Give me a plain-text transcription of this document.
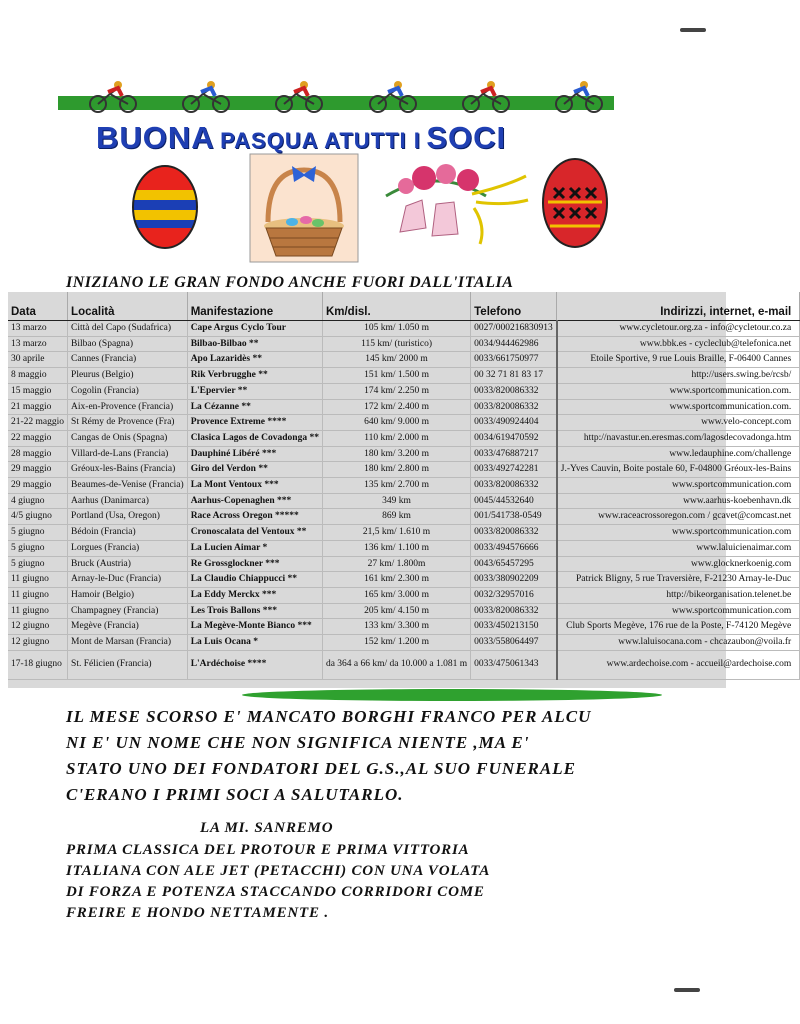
BUONA PASQUA ATUTTI I SOCI
INIZIANO LE GRAN FONDO ANCHE FUORI DALL'ITALIA
Data	Località	Manifestazione	Km/disl.	Telefono	Indirizzi, internet, e-mail
13 marzo	Città del Capo (Sudafrica)	Cape Argus Cyclo Tour	105 km/ 1.050 m	0027/000216830913	www.cycletour.org.za - info@cycletour.co.za
13 marzo	Bilbao (Spagna)	Bilbao-Bilbao **	115 km/ (turistico)	0034/944462986	www.bbk.es - cycleclub@telefonica.net
30 aprile	Cannes (Francia)	Apo Lazaridès **	145 km/ 2000 m	0033/661750977	Etoile Sportive, 9 rue Louis Braille, F-06400 Cannes
8 maggio	Pleurus (Belgio)	Rik Verbrugghe **	151 km/ 1.500 m	00 32 71 81 83 17	http://users.swing.be/rcsb/
15 maggio	Cogolin (Francia)	L'Epervier **	174 km/ 2.250 m	0033/820086332	www.sportcommunication.com.
21 maggio	Aix-en-Provence (Francia)	La Cézanne **	172 km/ 2.400 m	0033/820086332	www.sportcommunication.com.
21-22 maggio	St Rémy de Provence (Fra)	Provence Extreme ****	640 km/ 9.000 m	0033/490924404	www.velo-concept.com
22 maggio	Cangas de Onis (Spagna)	Clasica Lagos de Covadonga **	110 km/ 2.000 m	0034/619470592	http://navastur.en.eresmas.com/lagosdecovadonga.htm
28 maggio	Villard-de-Lans (Francia)	Dauphiné Libéré ***	180 km/ 3.200 m	0033/476887217	www.ledauphine.com/challenge
29 maggio	Gréoux-les-Bains (Francia)	Giro del Verdon **	180 km/ 2.800 m	0033/492742281	J.-Yves Cauvin, Boite postale 60, F-04800 Gréoux-les-Bains
29 maggio	Beaumes-de-Venise (Francia)	La Mont Ventoux ***	135 km/ 2.700 m	0033/820086332	www.sportcommunication.com
4 giugno	Aarhus (Danimarca)	Aarhus-Copenaghen ***	349 km	0045/44532640	www.aarhus-koebenhavn.dk
4/5 giugno	Portland (Usa, Oregon)	Race Across Oregon *****	869 km	001/541738-0549	www.raceacrossoregon.com / gcavet@comcast.net
5 giugno	Bédoin (Francia)	Cronoscalata del Ventoux **	21,5 km/ 1.610 m	0033/820086332	www.sportcommunication.com
5 giugno	Lorgues (Francia)	La Lucien Aimar *	136 km/ 1.100 m	0033/494576666	www.laluicienaimar.com
5 giugno	Bruck (Austria)	Re Grossglockner ***	27 km/ 1.800m	0043/65457295	www.glocknerkoenig.com
11 giugno	Arnay-le-Duc (Francia)	La Claudio Chiappucci **	161 km/ 2.300 m	0033/380902209	Patrick Bligny, 5 rue Traversière, F-21230 Arnay-le-Duc
11 giugno	Hamoir (Belgio)	La Eddy Merckx ***	165 km/ 3.000 m	0032/32957016	http://bikeorganisation.telenet.be
11 giugno	Champagney (Francia)	Les Trois Ballons ***	205 km/ 4.150 m	0033/820086332	www.sportcommunication.com
12 giugno	Megève (Francia)	La Megève-Monte Bianco ***	133 km/ 3.300 m	0033/450213150	Club Sports Megève, 176 rue de la Poste, F-74120 Megève
12 giugno	Mont de Marsan (Francia)	La Luis Ocana *	152 km/ 1.200 m	0033/558064497	www.laluisocana.com - chcazaubon@voila.fr
17-18 giugno	St. Félicien (Francia)	L'Ardéchoise ****	da 364 a 66 km/ da 10.000 a 1.081 m	0033/475061343	www.ardechoise.com - accueil@ardechoise.com
IL MESE SCORSO E' MANCATO BORGHI FRANCO PER ALCU
NI E' UN NOME CHE NON SIGNIFICA NIENTE ,MA E'
STATO UNO DEI FONDATORI DEL G.S.,AL SUO FUNERALE
C'ERANO I PRIMI SOCI A SALUTARLO.
LA MI. SANREMO
PRIMA CLASSICA DEL PROTOUR E PRIMA VITTORIA
ITALIANA CON ALE JET (PETACCHI) CON UNA VOLATA
DI FORZA E POTENZA STACCANDO CORRIDORI COME
FREIRE E HONDO NETTAMENTE .
